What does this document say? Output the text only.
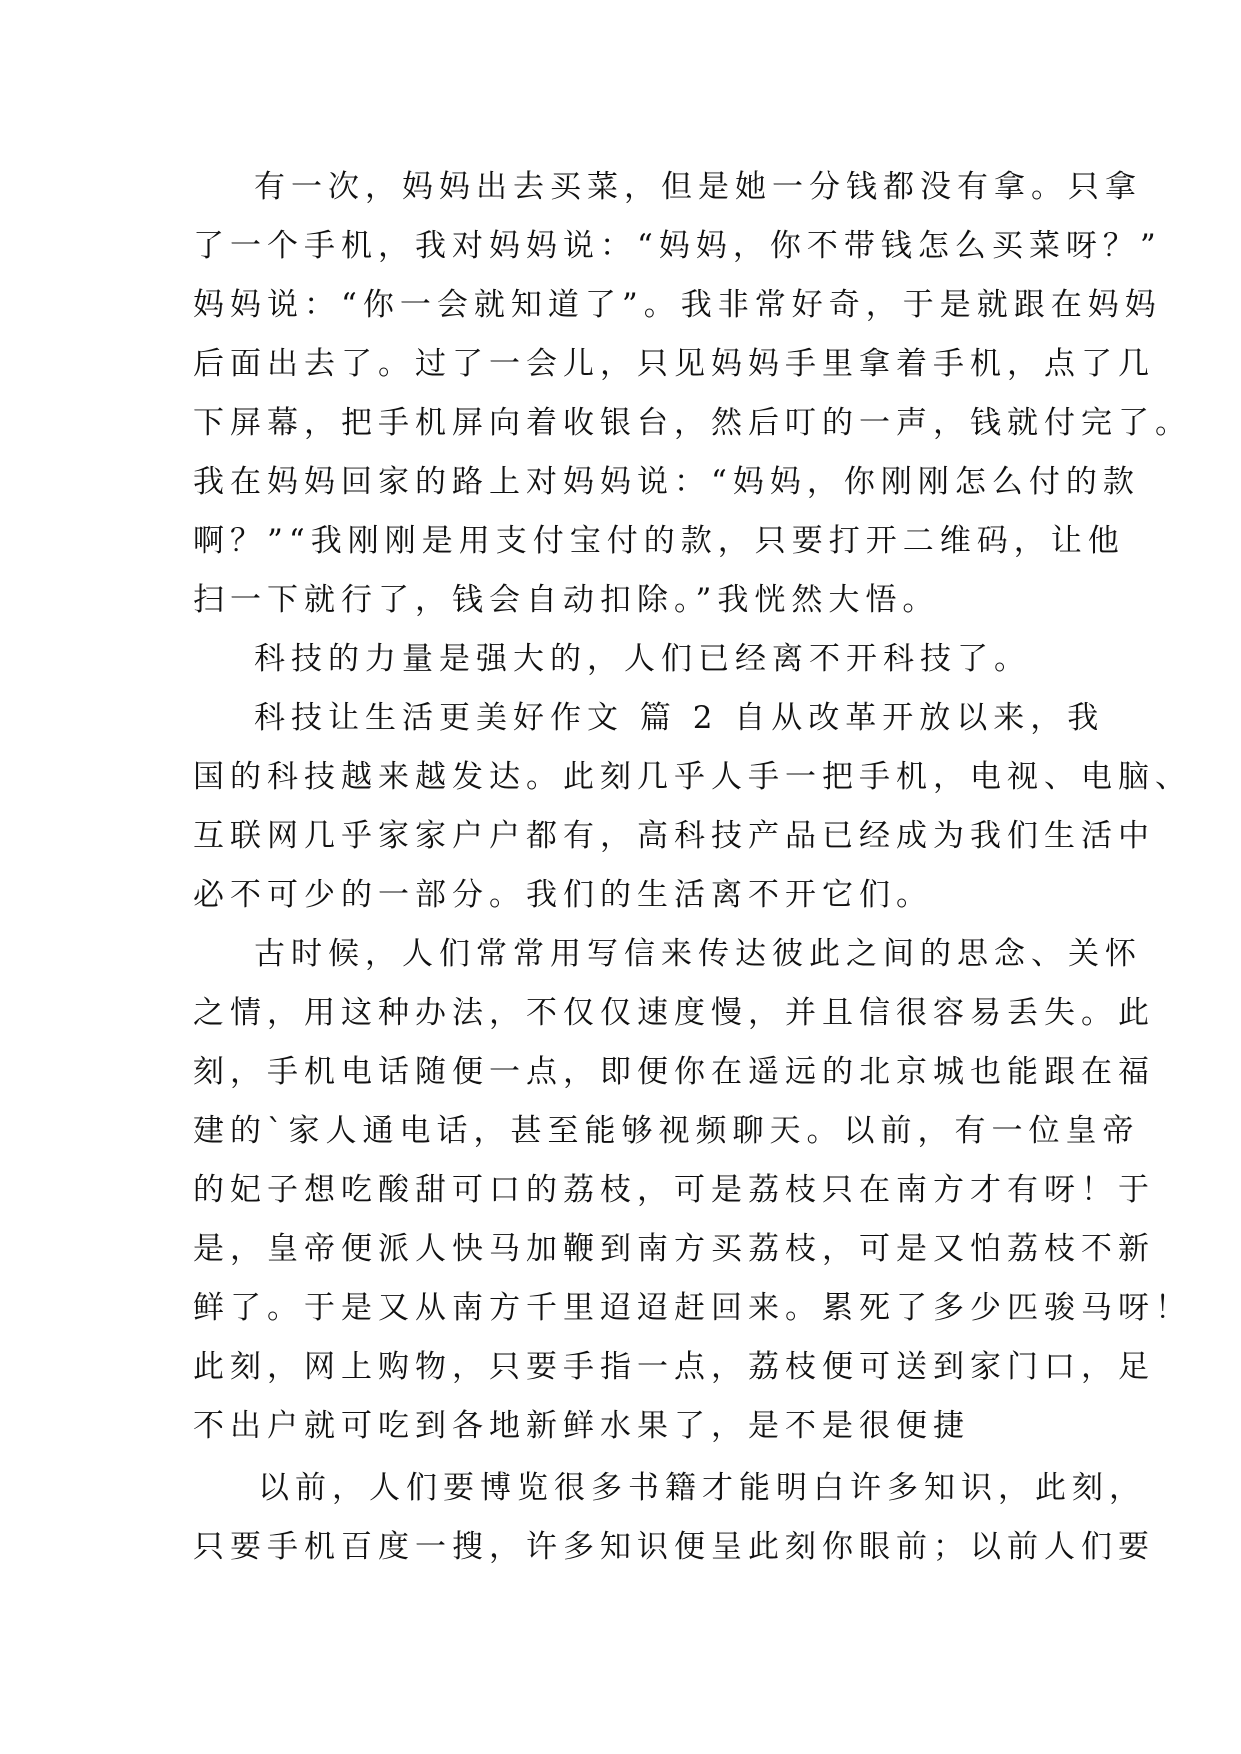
有一次，妈妈出去买菜，但是她一分钱都没有拿。只拿
了一个手机，我对妈妈说：“妈妈，你不带钱怎么买菜呀？”
妈妈说：“你一会就知道了”。我非常好奇，于是就跟在妈妈
后面出去了。过了一会儿，只见妈妈手里拿着手机，点了几
下屏幕，把手机屏向着收银台，然后叮的一声，钱就付完了。
我在妈妈回家的路上对妈妈说：“妈妈，你刚刚怎么付的款
啊？”“我刚刚是用支付宝付的款，只要打开二维码，让他
扫一下就行了，钱会自动扣除。”我恍然大悟。
科技的力量是强大的，人们已经离不开科技了。
科技让生活更美好作文 篇 2 自从改革开放以来，我
国的科技越来越发达。此刻几乎人手一把手机，电视、电脑、
互联网几乎家家户户都有，高科技产品已经成为我们生活中
必不可少的一部分。我们的生活离不开它们。
古时候，人们常常用写信来传达彼此之间的思念、关怀
之情，用这种办法，不仅仅速度慢，并且信很容易丢失。此
刻，手机电话随便一点，即便你在遥远的北京城也能跟在福
建的`家人通电话，甚至能够视频聊天。以前，有一位皇帝
的妃子想吃酸甜可口的荔枝，可是荔枝只在南方才有呀！于
是，皇帝便派人快马加鞭到南方买荔枝，可是又怕荔枝不新
鲜了。于是又从南方千里迢迢赶回来。累死了多少匹骏马呀！
此刻，网上购物，只要手指一点，荔枝便可送到家门口，足
不出户就可吃到各地新鲜水果了，是不是很便捷
以前，人们要博览很多书籍才能明白许多知识，此刻，
只要手机百度一搜，许多知识便呈此刻你眼前；以前人们要
